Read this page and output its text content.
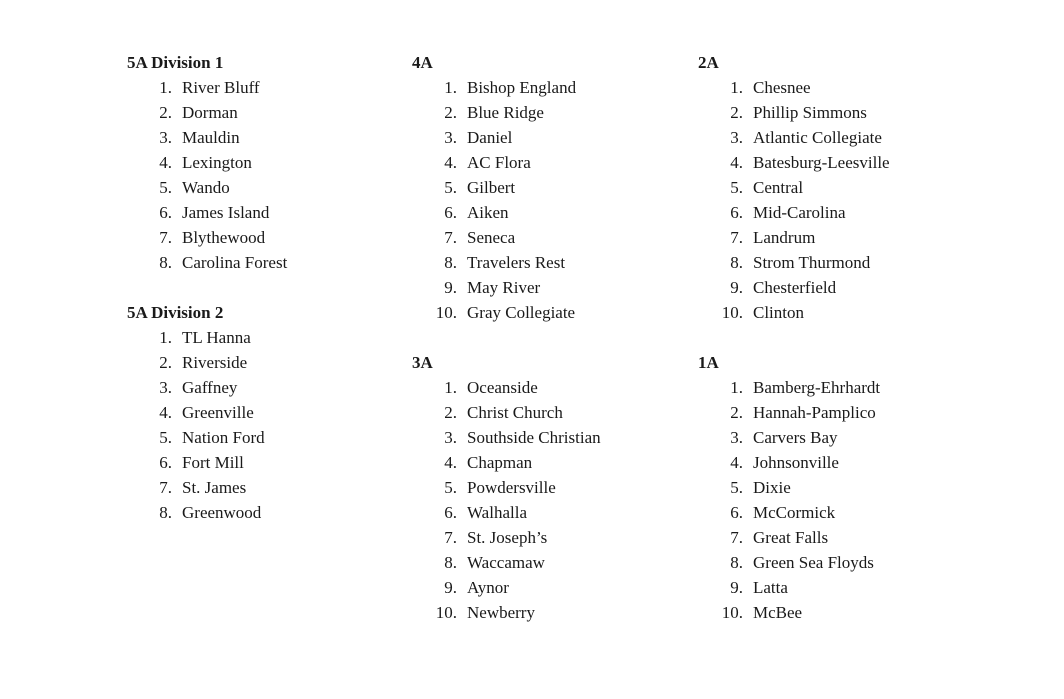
5A Division 1
1. River Bluff
2. Dorman
3. Mauldin
4. Lexington
5. Wando
6. James Island
7. Blythewood
8. Carolina Forest
5A Division 2
1. TL Hanna
2. Riverside
3. Gaffney
4. Greenville
5. Nation Ford
6. Fort Mill
7. St. James
8. Greenwood
4A
1. Bishop England
2. Blue Ridge
3. Daniel
4. AC Flora
5. Gilbert
6. Aiken
7. Seneca
8. Travelers Rest
9. May River
10. Gray Collegiate
3A
1. Oceanside
2. Christ Church
3. Southside Christian
4. Chapman
5. Powdersville
6. Walhalla
7. St. Joseph’s
8. Waccamaw
9. Aynor
10. Newberry
2A
1. Chesnee
2. Phillip Simmons
3. Atlantic Collegiate
4. Batesburg-Leesville
5. Central
6. Mid-Carolina
7. Landrum
8. Strom Thurmond
9. Chesterfield
10. Clinton
1A
1. Bamberg-Ehrhardt
2. Hannah-Pamplico
3. Carvers Bay
4. Johnsonville
5. Dixie
6. McCormick
7. Great Falls
8. Green Sea Floyds
9. Latta
10. McBee
